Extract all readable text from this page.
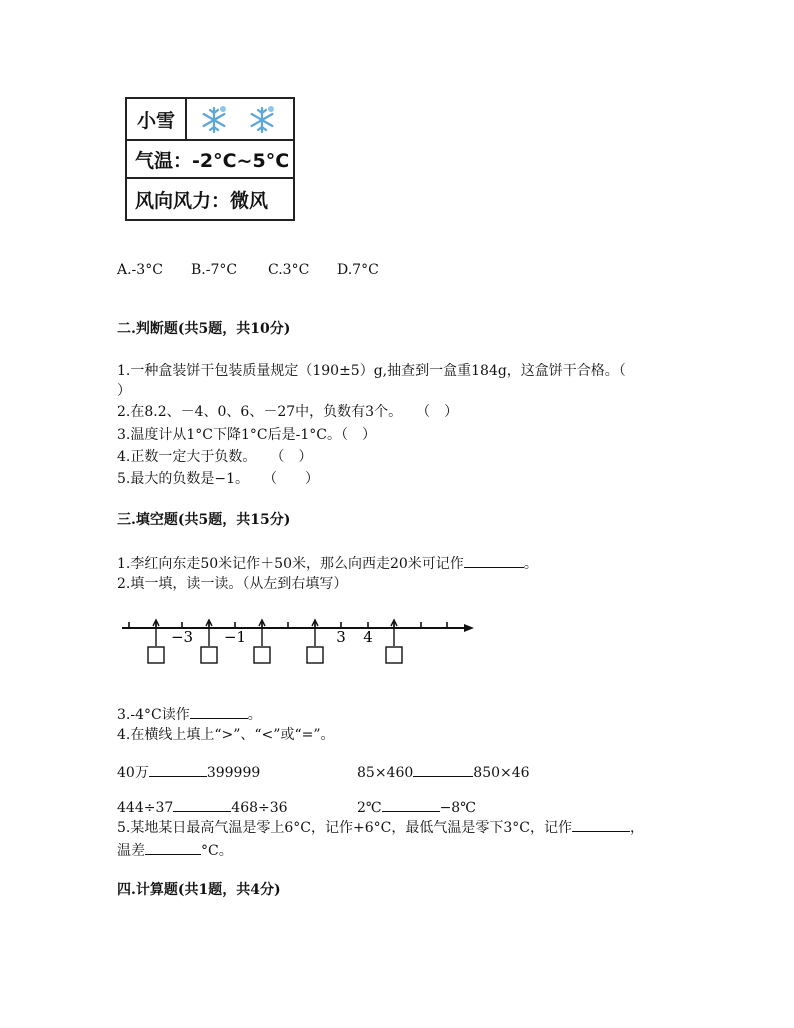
小雪
气温：-2°C~5°C
风向风力：微风
A.-3°C B.-7°C C.3°C D.7°C
二.判断题(共5题，共10分)
1.一种盒装饼干包装质量规定（190±5）g,抽查到一盒重184g，这盒饼干合格。（
）
2.在8.2、－4、0、6、－27中，负数有3个。　　（　）
3.温度计从1°C下降1°C后是-1°C。（　）
4.正数一定大于负数。　　（　）
5.最大的负数是−1。　　（　　）
三.填空题(共5题，共15分)
1.李红向东走50米记作＋50米，那么向西走20米可记作	。
2.填一填，读一读。（从左到右填写）
−3 −1	3 4
3.-4°C读作	。
4.在横线上填上“>”、“<”或“=”。
40万	399999	85×460	850×46
444÷37	468÷36	2℃	−8℃
5.某地某日最高气温是零上6°C，记作+6°C，最低气温是零下3°C，记作	，
温差	°C。
四.计算题(共1题，共4分)
